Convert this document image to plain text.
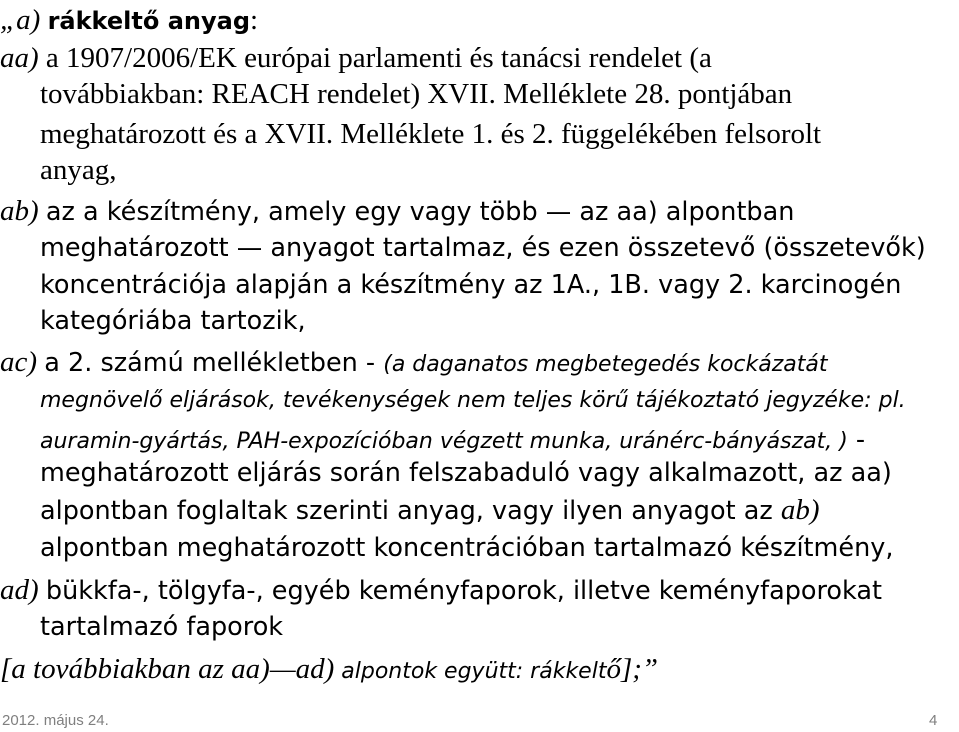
„a) rákkeltő anyag:
aa) a 1907/2006/EK európai parlamenti és tanácsi rendelet (a
továbbiakban: REACH rendelet) XVII. Melléklete 28. pontjában
meghatározott és a XVII. Melléklete 1. és 2. függelékében felsorolt
anyag,
ab) az a készítmény, amely egy vagy több — az aa) alpontban
meghatározott — anyagot tartalmaz, és ezen összetevő (összetevők)
koncentrációja alapján a készítmény az 1A., 1B. vagy 2. karcinogén
kategóriába tartozik,
ac) a 2. számú mellékletben - (a daganatos megbetegedés kockázatát
megnövelő eljárások, tevékenységek nem teljes körű tájékoztató jegyzéke: pl.
auramin-gyártás, PAH-expozícióban végzett munka, uránérc-bányászat, ) -
meghatározott eljárás során felszabaduló vagy alkalmazott, az aa)
alpontban foglaltak szerinti anyag, vagy ilyen anyagot az ab)
alpontban meghatározott koncentrációban tartalmazó készítmény,
ad) bükkfa-, tölgyfa-, egyéb keményfaporok, illetve keményfaporokat
tartalmazó faporok
[a továbbiakban az aa)—ad) alpontok együtt: rákkeltő];”
2012. május 24.	4
